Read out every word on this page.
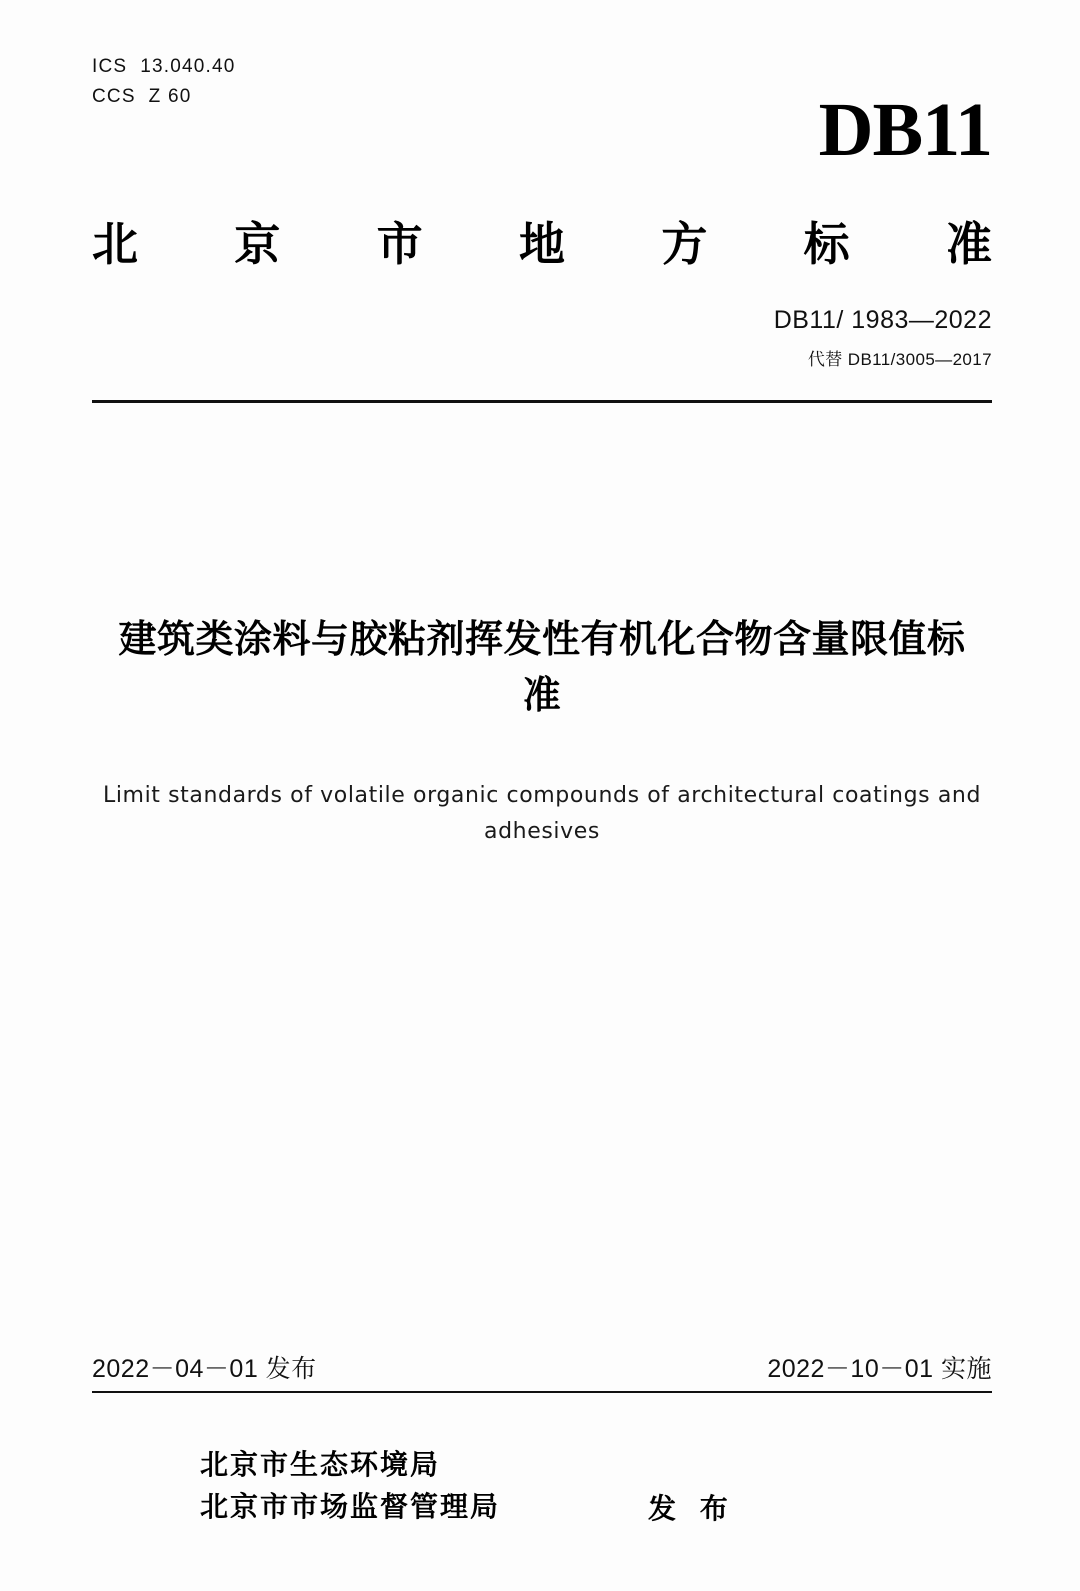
ICS  13.040.40
CCS  Z 60	DB11
北 京 市 地 方 标 准
DB11/ 1983—2022
代替 DB11/3005—2017
建筑类涂料与胶粘剂挥发性有机化合物含量限值标准
Limit standards of volatile organic compounds of architectural coatings and adhesives
2022－04－01 发布	2022－10－01 实施
北京市生态环境局
北京市市场监督管理局	发 布
